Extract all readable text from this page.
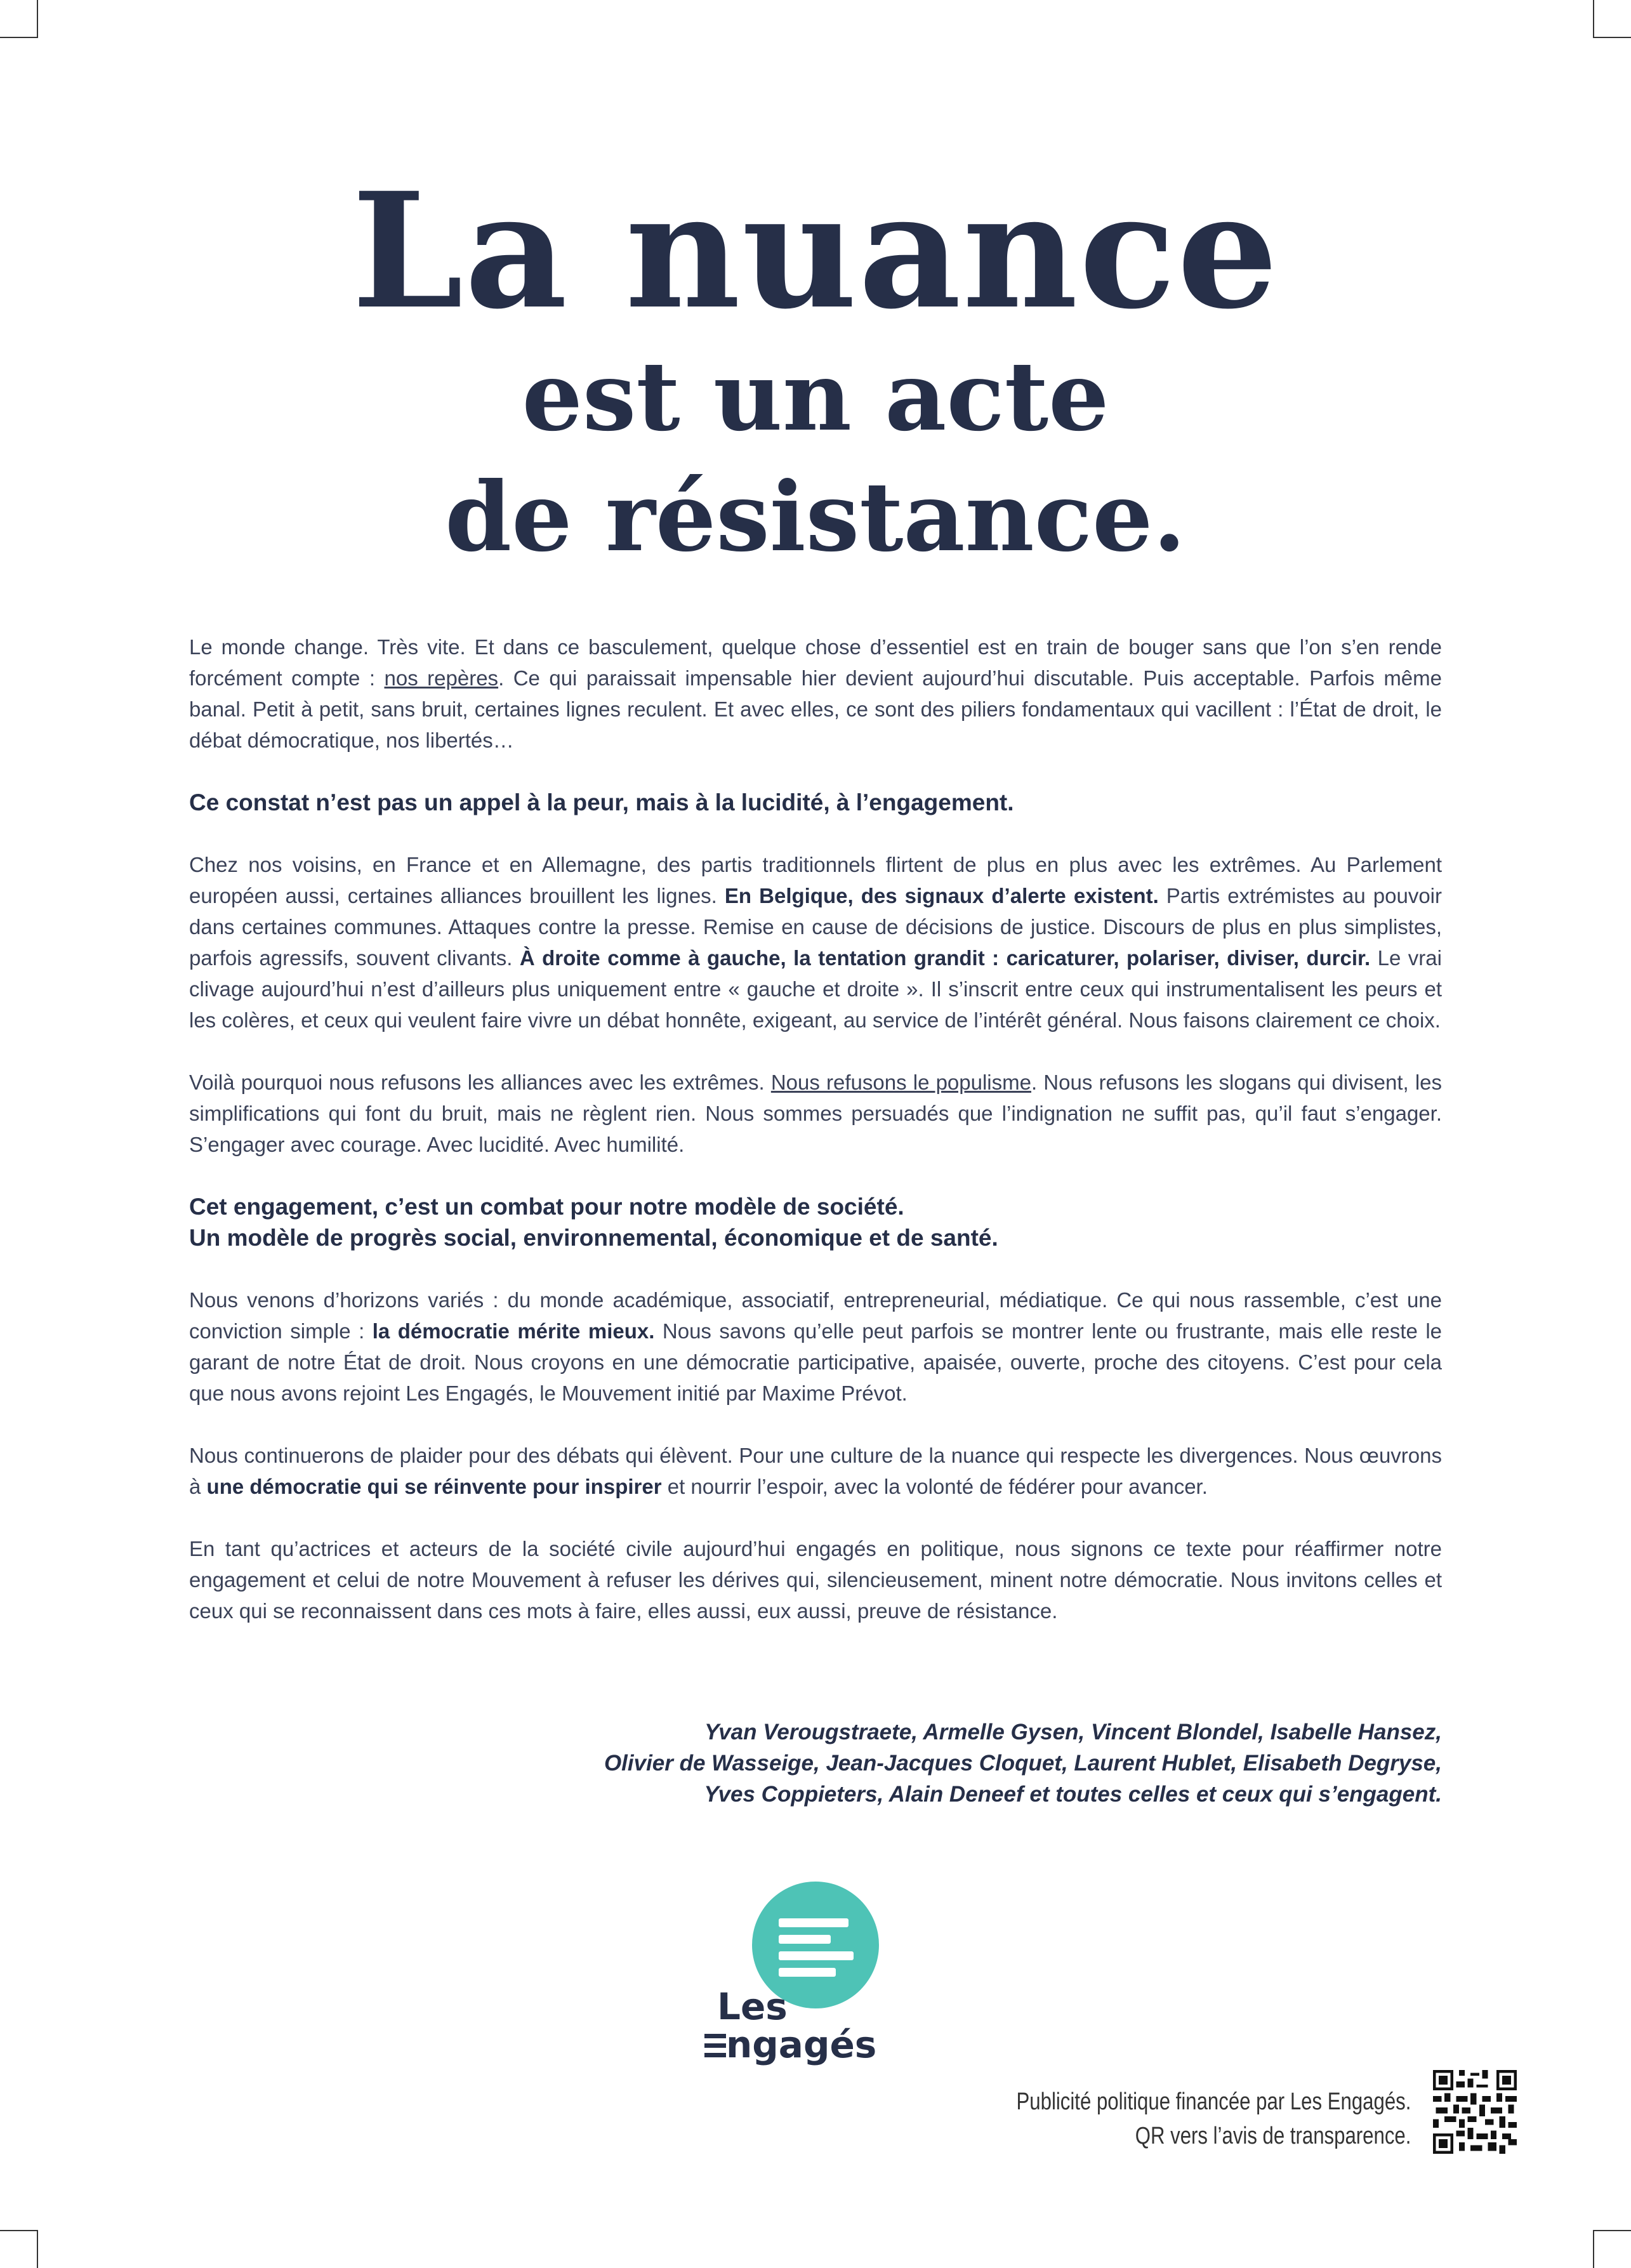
La nuance
est un acte
de résistance.

Le monde change. Très vite. Et dans ce basculement, quelque chose d’essentiel est en train de bouger sans que l’on s’en rende forcément compte : nos repères. Ce qui paraissait impensable hier devient aujourd’hui discutable. Puis acceptable. Parfois même banal. Petit à petit, sans bruit, certaines lignes reculent. Et avec elles, ce sont des piliers fondamentaux qui vacillent : l’État de droit, le débat démocratique, nos libertés…

Ce constat n’est pas un appel à la peur, mais à la lucidité, à l’engagement.

Chez nos voisins, en France et en Allemagne, des partis traditionnels flirtent de plus en plus avec les extrêmes. Au Parlement européen aussi, certaines alliances brouillent les lignes. En Belgique, des signaux d’alerte existent. Partis extrémistes au pouvoir dans certaines communes. Attaques contre la presse. Remise en cause de décisions de justice. Discours de plus en plus simplistes, parfois agressifs, souvent clivants. À droite comme à gauche, la tentation grandit : caricaturer, polariser, diviser, durcir. Le vrai clivage aujourd’hui n’est d’ailleurs plus uniquement entre « gauche et droite ». Il s’inscrit entre ceux qui instrumentalisent les peurs et les colères, et ceux qui veulent faire vivre un débat honnête, exigeant, au service de l’intérêt général. Nous faisons clairement ce choix.

Voilà pourquoi nous refusons les alliances avec les extrêmes. Nous refusons le populisme. Nous refusons les slogans qui divisent, les simplifications qui font du bruit, mais ne règlent rien. Nous sommes persuadés que l’indignation ne suffit pas, qu’il faut s’engager. S’engager avec courage. Avec lucidité. Avec humilité.

Cet engagement, c’est un combat pour notre modèle de société.
Un modèle de progrès social, environnemental, économique et de santé.

Nous venons d’horizons variés : du monde académique, associatif, entrepreneurial, médiatique. Ce qui nous rassemble, c’est une conviction simple : la démocratie mérite mieux. Nous savons qu’elle peut parfois se montrer lente ou frustrante, mais elle reste le garant de notre État de droit. Nous croyons en une démocratie participative, apaisée, ouverte, proche des citoyens. C’est pour cela que nous avons rejoint Les Engagés, le Mouvement initié par Maxime Prévot.

Nous continuerons de plaider pour des débats qui élèvent. Pour une culture de la nuance qui respecte les divergences. Nous œuvrons à une démocratie qui se réinvente pour inspirer et nourrir l’espoir, avec la volonté de fédérer pour avancer.

En tant qu’actrices et acteurs de la société civile aujourd’hui engagés en politique, nous signons ce texte pour réaffirmer notre engagement et celui de notre Mouvement à refuser les dérives qui, silencieusement, minent notre démocratie. Nous invitons celles et ceux qui se reconnaissent dans ces mots à faire, elles aussi, eux aussi, preuve de résistance.

Yvan Verougstraete, Armelle Gysen, Vincent Blondel, Isabelle Hansez,
Olivier de Wasseige, Jean-Jacques Cloquet, Laurent Hublet, Elisabeth Degryse,
Yves Coppieters, Alain Deneef et toutes celles et ceux qui s’engagent.
Les
ngagés
Publicité politique financée par Les Engagés.
QR vers l’avis de transparence.
